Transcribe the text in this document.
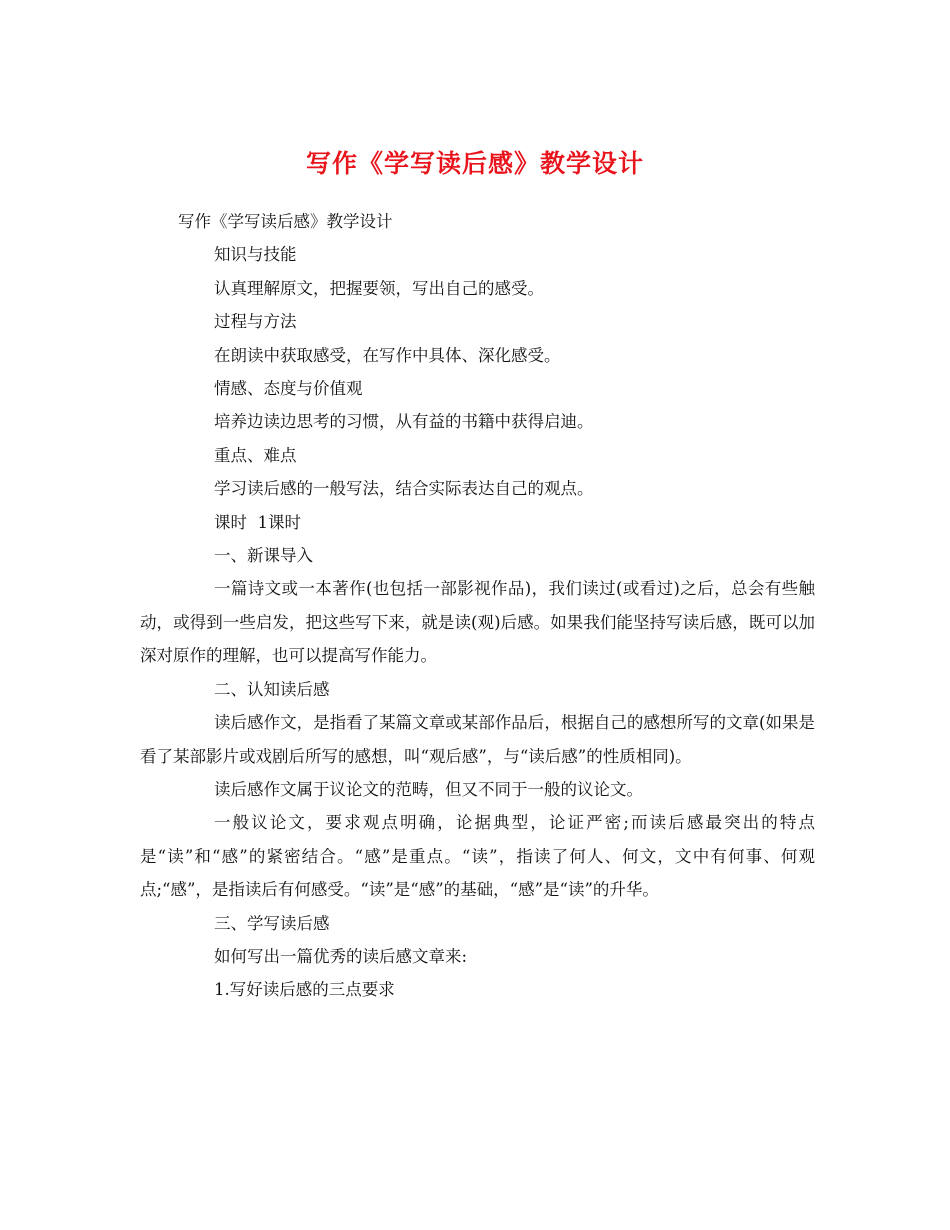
写作《学写读后感》教学设计

写作《学写读后感》教学设计

知识与技能

认真理解原文，把握要领，写出自己的感受。

过程与方法

在朗读中获取感受，在写作中具体、深化感受。

情感、态度与价值观

培养边读边思考的习惯，从有益的书籍中获得启迪。

重点、难点

学习读后感的一般写法，结合实际表达自己的观点。

课时  1课时

一、新课导入

一篇诗文或一本著作(也包括一部影视作品)，我们读过(或看过)之后，总会有些触动，或得到一些启发，把这些写下来，就是读(观)后感。如果我们能坚持写读后感，既可以加深对原作的理解，也可以提高写作能力。

二、认知读后感

读后感作文，是指看了某篇文章或某部作品后，根据自己的感想所写的文章(如果是看了某部影片或戏剧后所写的感想，叫“观后感”，与“读后感”的性质相同)。

读后感作文属于议论文的范畴，但又不同于一般的议论文。

一般议论文，要求观点明确，论据典型，论证严密;而读后感最突出的特点是“读”和“感”的紧密结合。“感”是重点。“读”，指读了何人、何文，文中有何事、何观点;“感”，是指读后有何感受。“读”是“感”的基础，“感”是“读”的升华。

三、学写读后感

如何写出一篇优秀的读后感文章来:

1.写好读后感的三点要求
